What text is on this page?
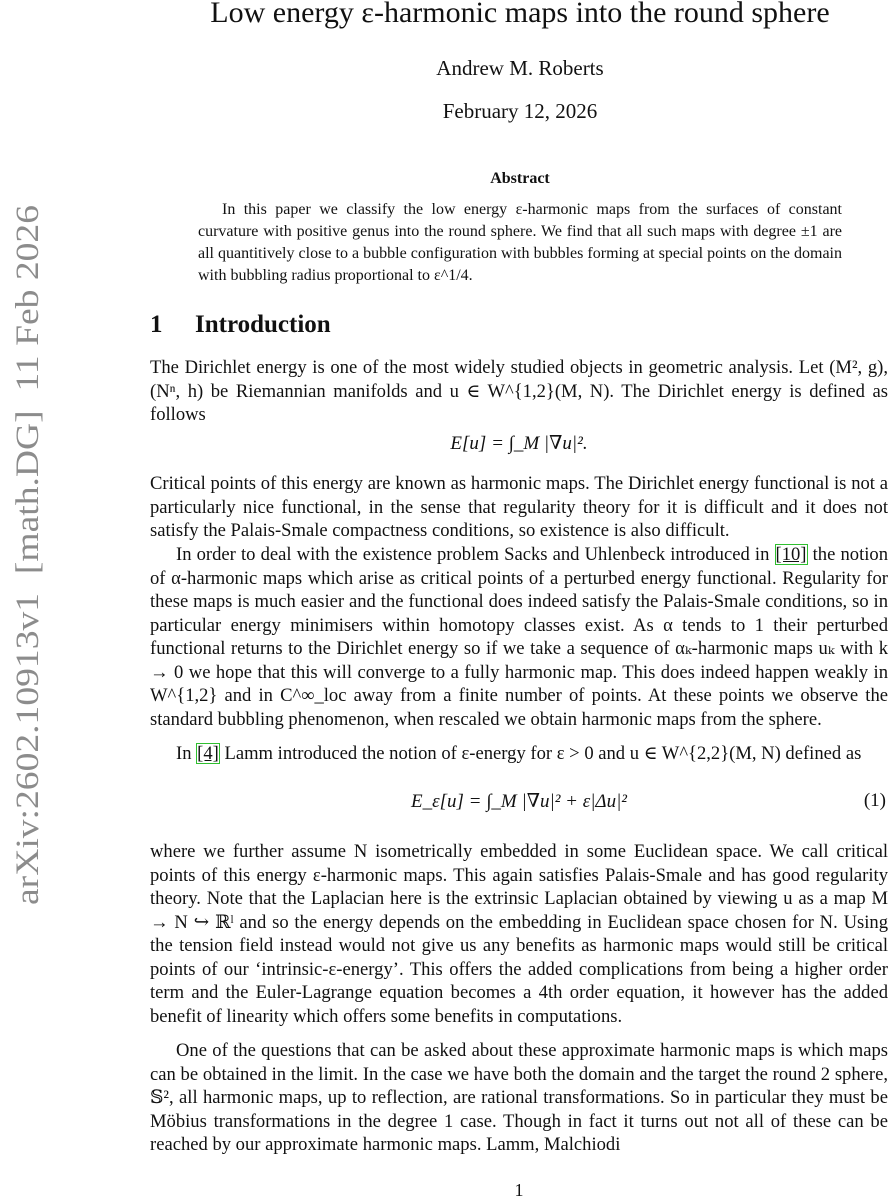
arXiv:2602.10913v1  [math.DG]  11 Feb 2026
Low energy ε-harmonic maps into the round sphere
Andrew M. Roberts
February 12, 2026
Abstract

In this paper we classify the low energy ε-harmonic maps from the surfaces of constant curvature with positive genus into the round sphere. We find that all such maps with degree ±1 are all quantitively close to a bubble configuration with bubbles forming at special points on the domain with bubbling radius proportional to ε^1/4.

1 Introduction

The Dirichlet energy is one of the most widely studied objects in geometric analysis. Let (M², g), (Nⁿ, h) be Riemannian manifolds and u ∈ W^{1,2}(M, N). The Dirichlet energy is defined as follows

E[u] = ∫_M |∇u|².

Critical points of this energy are known as harmonic maps. The Dirichlet energy functional is not a particularly nice functional, in the sense that regularity theory for it is difficult and it does not satisfy the Palais-Smale compactness conditions, so existence is also difficult.

In order to deal with the existence problem Sacks and Uhlenbeck introduced in [10] the notion of α-harmonic maps which arise as critical points of a perturbed energy functional. Regularity for these maps is much easier and the functional does indeed satisfy the Palais-Smale conditions, so in particular energy minimisers within homotopy classes exist. As α tends to 1 their perturbed functional returns to the Dirichlet energy so if we take a sequence of αₖ-harmonic maps uₖ with k → 0 we hope that this will converge to a fully harmonic map. This does indeed happen weakly in W^{1,2} and in C^∞_loc away from a finite number of points. At these points we observe the standard bubbling phenomenon, when rescaled we obtain harmonic maps from the sphere.

In [4] Lamm introduced the notion of ε-energy for ε > 0 and u ∈ W^{2,2}(M, N) defined as

E_ε[u] = ∫_M |∇u|² + ε|Δu|²	(1)

where we further assume N isometrically embedded in some Euclidean space. We call critical points of this energy ε-harmonic maps. This again satisfies Palais-Smale and has good regularity theory. Note that the Laplacian here is the extrinsic Laplacian obtained by viewing u as a map M → N ↪ ℝˡ and so the energy depends on the embedding in Euclidean space chosen for N. Using the tension field instead would not give us any benefits as harmonic maps would still be critical points of our ‘intrinsic-ε-energy’. This offers the added complications from being a higher order term and the Euler-Lagrange equation becomes a 4th order equation, it however has the added benefit of linearity which offers some benefits in computations.

One of the questions that can be asked about these approximate harmonic maps is which maps can be obtained in the limit. In the case we have both the domain and the target the round 2 sphere, 𝕊², all harmonic maps, up to reflection, are rational transformations. So in particular they must be Möbius transformations in the degree 1 case. Though in fact it turns out not all of these can be reached by our approximate harmonic maps. Lamm, Malchiodi

1
